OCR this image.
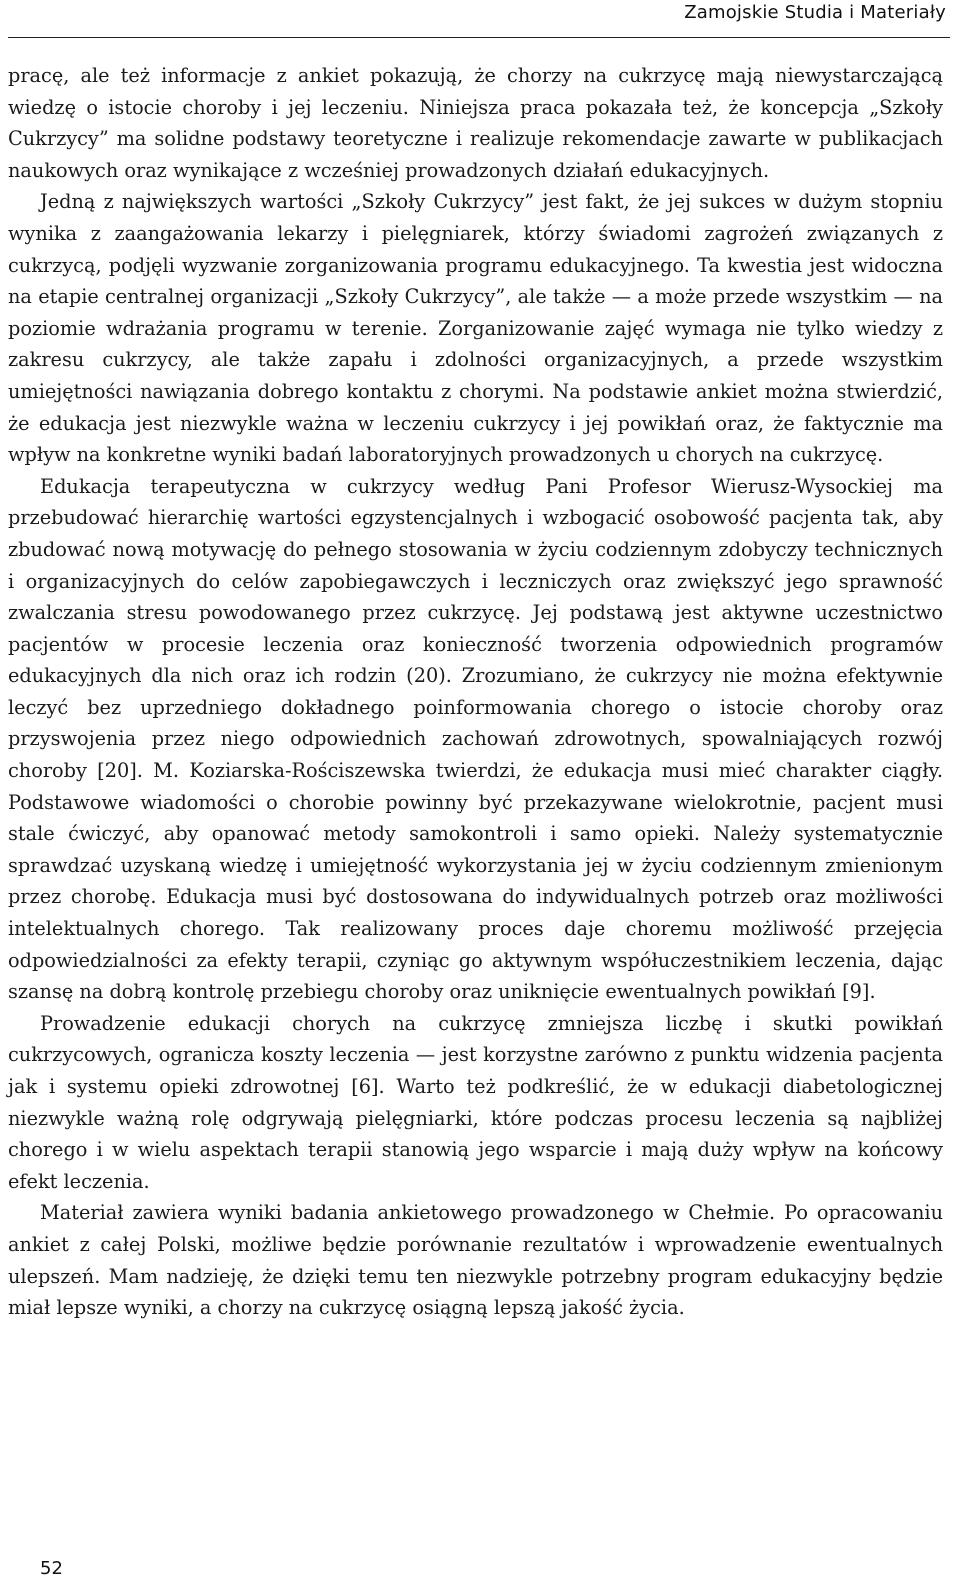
Zamojskie Studia i Materiały

pracę, ale też informacje z ankiet pokazują, że chorzy na cukrzycę mają niewystarczającą wiedzę o istocie choroby i jej leczeniu. Niniejsza praca pokazała też, że koncepcja „Szkoły Cukrzycy” ma solidne podstawy teoretyczne i realizuje rekomendacje zawarte w publikacjach naukowych oraz wynikające z wcześniej prowadzonych działań edukacyjnych.

Jedną z największych wartości „Szkoły Cukrzycy” jest fakt, że jej sukces w dużym stopniu wynika z zaangażowania lekarzy i pielęgniarek, którzy świadomi zagrożeń związanych z cukrzycą, podjęli wyzwanie zorganizowania programu edukacyjnego. Ta kwestia jest widoczna na etapie centralnej organizacji „Szkoły Cukrzycy”, ale także — a może przede wszystkim — na poziomie wdrażania programu w terenie. Zorganizowanie zajęć wymaga nie tylko wiedzy z zakresu cukrzycy, ale także zapału i zdolności organizacyjnych, a przede wszystkim umiejętności nawiązania dobrego kontaktu z chorymi. Na podstawie ankiet można stwierdzić, że edukacja jest niezwykle ważna w leczeniu cukrzycy i jej powikłań oraz, że faktycznie ma wpływ na konkretne wyniki badań laboratoryjnych prowadzonych u chorych na cukrzycę.

Edukacja terapeutyczna w cukrzycy według Pani Profesor Wierusz-Wysockiej ma przebudować hierarchię wartości egzystencjalnych i wzbogacić osobowość pacjenta tak, aby zbudować nową motywację do pełnego stosowania w życiu codziennym zdobyczy technicznych i organizacyjnych do celów zapobiegawczych i leczniczych oraz zwiększyć jego sprawność zwalczania stresu powodowanego przez cukrzycę. Jej podstawą jest aktywne uczestnictwo pacjentów w procesie leczenia oraz konieczność tworzenia odpowiednich programów edukacyjnych dla nich oraz ich rodzin (20). Zrozumiano, że cukrzycy nie można efektywnie leczyć bez uprzedniego dokładnego poinformowania chorego o istocie choroby oraz przyswojenia przez niego odpowiednich zachowań zdrowotnych, spowalniających rozwój choroby [20]. M. Koziarska-Rościszewska twierdzi, że edukacja musi mieć charakter ciągły. Podstawowe wiadomości o chorobie powinny być przekazywane wielokrotnie, pacjent musi stale ćwiczyć, aby opanować metody samokontroli i samo opieki. Należy systematycznie sprawdzać uzyskaną wiedzę i umiejętność wykorzystania jej w życiu codziennym zmienionym przez chorobę. Edukacja musi być dostosowana do indywidualnych potrzeb oraz możliwości intelektualnych chorego. Tak realizowany proces daje choremu możliwość przejęcia odpowiedzialności za efekty terapii, czyniąc go aktywnym współuczestnikiem leczenia, dając szansę na dobrą kontrolę przebiegu choroby oraz uniknięcie ewentualnych powikłań [9].

Prowadzenie edukacji chorych na cukrzycę zmniejsza liczbę i skutki powikłań cukrzycowych, ogranicza koszty leczenia — jest korzystne zarówno z punktu widzenia pacjenta jak i systemu opieki zdrowotnej [6]. Warto też podkreślić, że w edukacji diabetologicznej niezwykle ważną rolę odgrywają pielęgniarki, które podczas procesu leczenia są najbliżej chorego i w wielu aspektach terapii stanowią jego wsparcie i mają duży wpływ na końcowy efekt leczenia.

Materiał zawiera wyniki badania ankietowego prowadzonego w Chełmie. Po opracowaniu ankiet z całej Polski, możliwe będzie porównanie rezultatów i wprowadzenie ewentualnych ulepszeń. Mam nadzieję, że dzięki temu ten niezwykle potrzebny program edukacyjny będzie miał lepsze wyniki, a chorzy na cukrzycę osiągną lepszą jakość życia.

52
